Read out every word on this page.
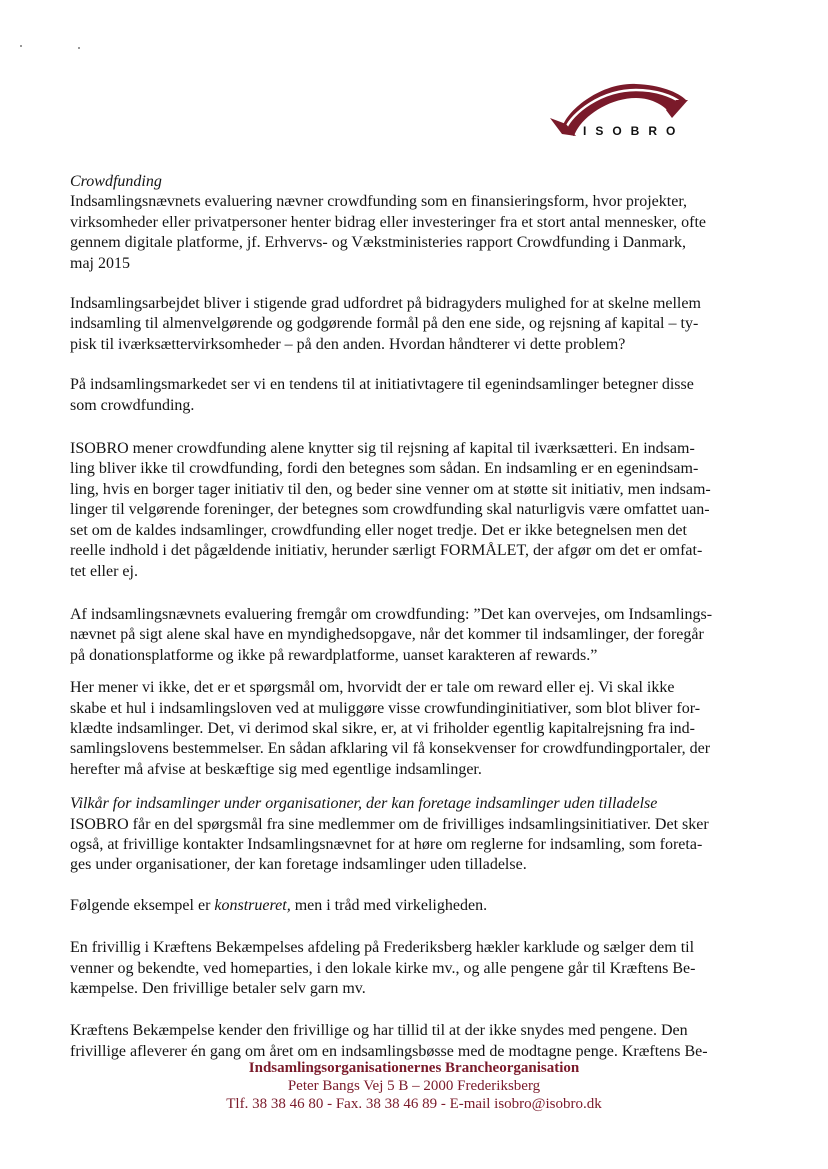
ISOBRO
Crowdfunding

Indsamlingsnævnets evaluering nævner crowdfunding som en finansieringsform, hvor projekter,
virksomheder eller privatpersoner henter bidrag eller investeringer fra et stort antal mennesker, ofte
gennem digitale platforme, jf. Erhvervs- og Vækstministeries rapport Crowdfunding i Danmark,
maj 2015

Indsamlingsarbejdet bliver i stigende grad udfordret på bidragyders mulighed for at skelne mellem
indsamling til almenvelgørende og godgørende formål på den ene side, og rejsning af kapital – ty-
pisk til iværksættervirksomheder – på den anden. Hvordan håndterer vi dette problem?

På indsamlingsmarkedet ser vi en tendens til at initiativtagere til egenindsamlinger betegner disse
som crowdfunding.

ISOBRO mener crowdfunding alene knytter sig til rejsning af kapital til iværksætteri. En indsam-
ling bliver ikke til crowdfunding, fordi den betegnes som sådan. En indsamling er en egenindsam-
ling, hvis en borger tager initiativ til den, og beder sine venner om at støtte sit initiativ, men indsam-
linger til velgørende foreninger, der betegnes som crowdfunding skal naturligvis være omfattet uan-
set om de kaldes indsamlinger, crowdfunding eller noget tredje. Det er ikke betegnelsen men det
reelle indhold i det pågældende initiativ, herunder særligt FORMÅLET, der afgør om det er omfat-
tet eller ej.

Af indsamlingsnævnets evaluering fremgår om crowdfunding: ”Det kan overvejes, om Indsamlings-
nævnet på sigt alene skal have en myndighedsopgave, når det kommer til indsamlinger, der foregår
på donationsplatforme og ikke på rewardplatforme, uanset karakteren af rewards.”

Her mener vi ikke, det er et spørgsmål om, hvorvidt der er tale om reward eller ej. Vi skal ikke
skabe et hul i indsamlingsloven ved at muliggøre visse crowfundinginitiativer, som blot bliver for-
klædte indsamlinger. Det, vi derimod skal sikre, er, at vi friholder egentlig kapitalrejsning fra ind-
samlingslovens bestemmelser. En sådan afklaring vil få konsekvenser for crowdfundingportaler, der
herefter må afvise at beskæftige sig med egentlige indsamlinger.

Vilkår for indsamlinger under organisationer, der kan foretage indsamlinger uden tilladelse

ISOBRO får en del spørgsmål fra sine medlemmer om de frivilliges indsamlingsinitiativer. Det sker
også, at frivillige kontakter Indsamlingsnævnet for at høre om reglerne for indsamling, som foreta-
ges under organisationer, der kan foretage indsamlinger uden tilladelse.

Følgende eksempel er konstrueret, men i tråd med virkeligheden.

En frivillig i Kræftens Bekæmpelses afdeling på Frederiksberg hækler karklude og sælger dem til
venner og bekendte, ved homeparties, i den lokale kirke mv., og alle pengene går til Kræftens Be-
kæmpelse. Den frivillige betaler selv garn mv.

Kræftens Bekæmpelse kender den frivillige og har tillid til at der ikke snydes med pengene. Den
frivillige afleverer én gang om året om en indsamlingsbøsse med de modtagne penge. Kræftens Be-

Indsamlingsorganisationernes Brancheorganisation
Peter Bangs Vej 5 B – 2000 Frederiksberg
Tlf. 38 38 46 80 - Fax. 38 38 46 89 - E-mail isobro@isobro.dk
